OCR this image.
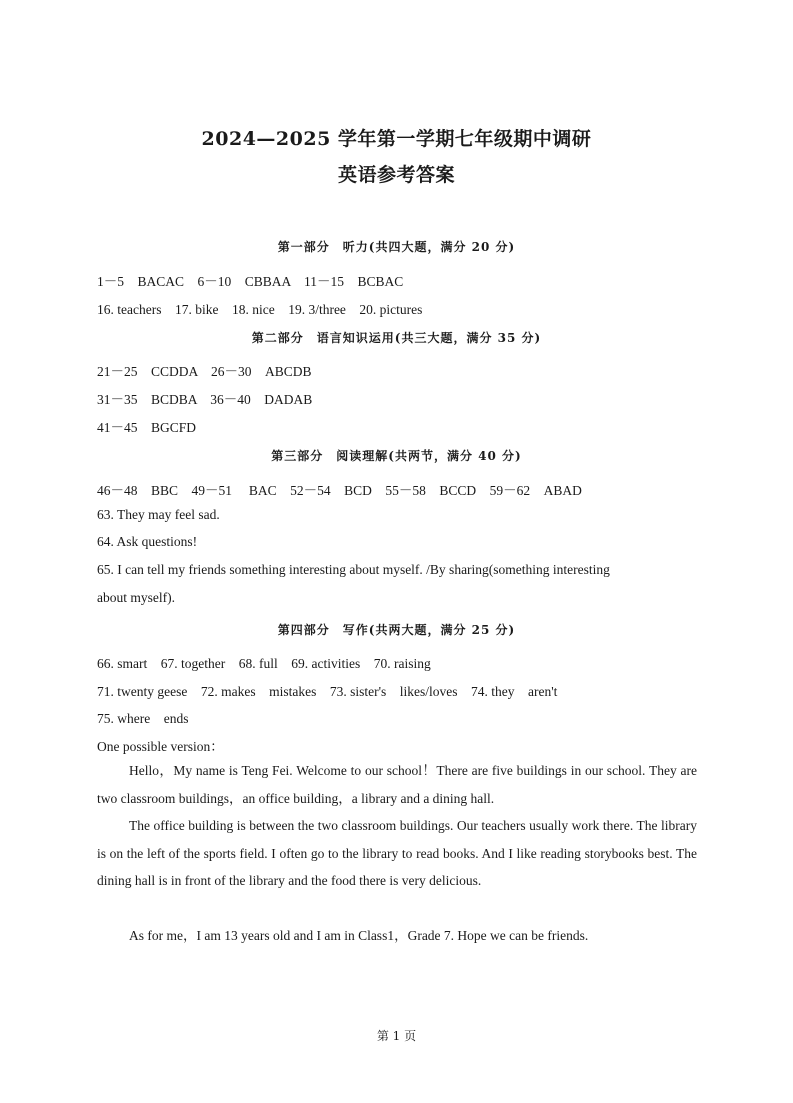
2024—2025 学年第一学期七年级期中调研
英语参考答案
第一部分　听力(共四大题，满分 20 分)
1－5　BACAC　6－10　CBBAA　11－15　BCBAC
16. teachers　17. bike　18. nice　19. 3/three　20. pictures
第二部分　语言知识运用(共三大题，满分 35 分)
21－25　CCDDA　26－30　ABCDB
31－35　BCDBA　36－40　DADAB
41－45　BGCFD
第三部分　阅读理解(共两节，满分 40 分)
46－48　BBC　49－51　 BAC　52－54　BCD　55－58　BCCD　59－62　ABAD
63. They may feel sad.
64. Ask questions!
65. I can tell my friends something interesting about myself. /By sharing(something interesting
about myself).
第四部分　写作(共两大题，满分 25 分)
66. smart　67. together　68. full　69. activities　70. raising
71. twenty geese　72. makes　mistakes　73. sister's　likes/loves　74. they　aren't
75. where　ends
One possible version：

Hello，My name is Teng Fei. Welcome to our school！There are five buildings in our school. They are two classroom buildings，an office building，a library and a dining hall.

The office building is between the two classroom buildings. Our teachers usually work there. The library is on the left of the sports field. I often go to the library to read books. And I like reading storybooks best. The dining hall is in front of the library and the food there is very delicious.

As for me，I am 13 years old and I am in Class1，Grade 7. Hope we can be friends.

第 1 页
